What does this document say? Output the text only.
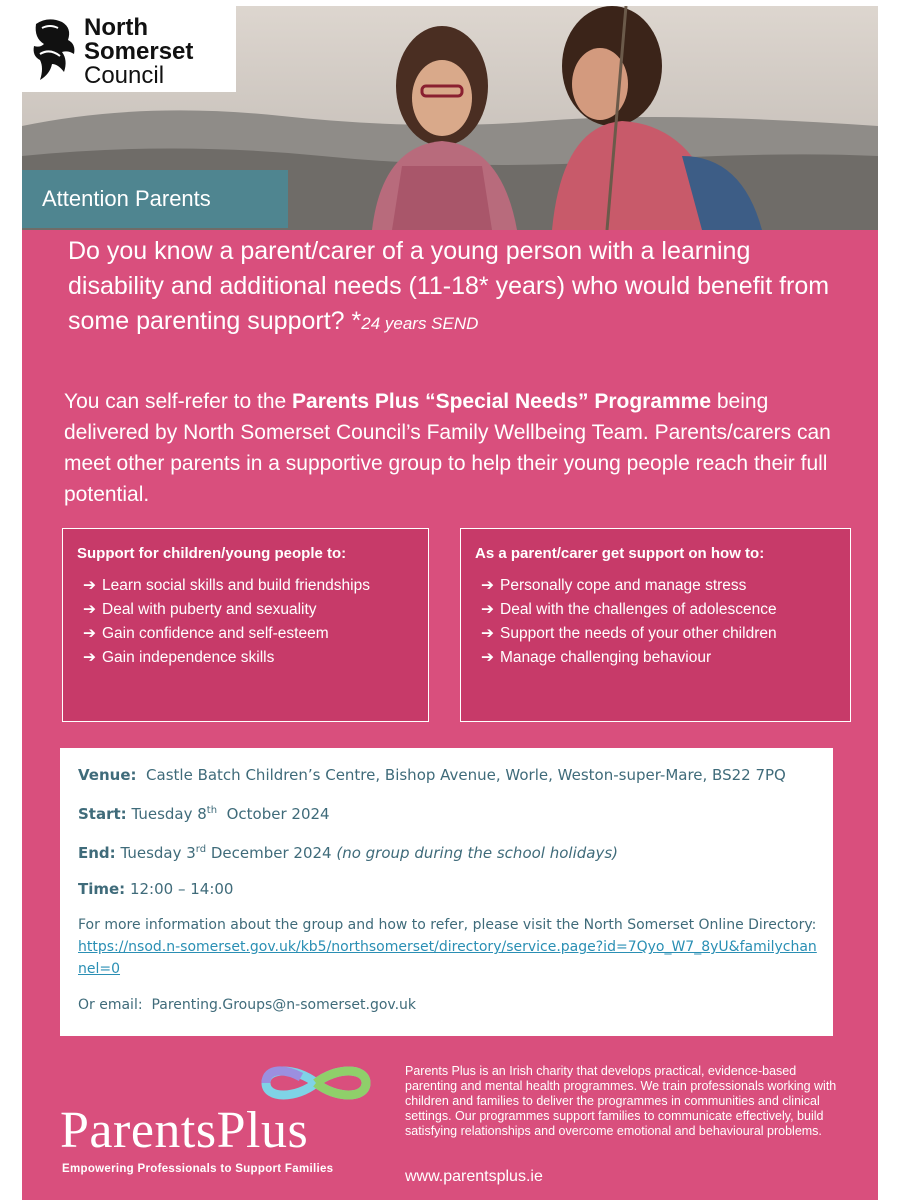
North
Somerset
Council
Attention Parents
Do you know a parent/carer of a young person with a learning disability and additional needs (11-18* years) who would benefit from some parenting support? *24 years SEND
You can self-refer to the Parents Plus “Special Needs” Programme being delivered by North Somerset Council’s Family Wellbeing Team. Parents/carers can meet other parents in a supportive group to help their young people reach their full potential.
Support for children/young people to:
➔ Learn social skills and build friendships
➔ Deal with puberty and sexuality
➔ Gain confidence and self-esteem
➔ Gain independence skills
As a parent/carer get support on how to:
➔ Personally cope and manage stress
➔ Deal with the challenges of adolescence
➔ Support the needs of your other children
➔ Manage challenging behaviour

Venue: Castle Batch Children’s Centre, Bishop Avenue, Worle, Weston-super-Mare, BS22 7PQ

Start: Tuesday 8th  October 2024

End: Tuesday 3rd December 2024 (no group during the school holidays)

Time: 12:00 – 14:00

For more information about the group and how to refer, please visit the North Somerset Online Directory: https://nsod.n-somerset.gov.uk/kb5/northsomerset/directory/service.page?id=7Qyo_W7_8yU&familychannel=0

Or email: Parenting.Groups@n-somerset.gov.uk

ParentsPlus
Empowering Professionals to Support Families
Parents Plus is an Irish charity that develops practical, evidence-based parenting and mental health programmes. We train professionals working with children and families to deliver the programmes in communities and clinical settings. Our programmes support families to communicate effectively, build satisfying relationships and overcome emotional and behavioural problems.
www.parentsplus.ie
